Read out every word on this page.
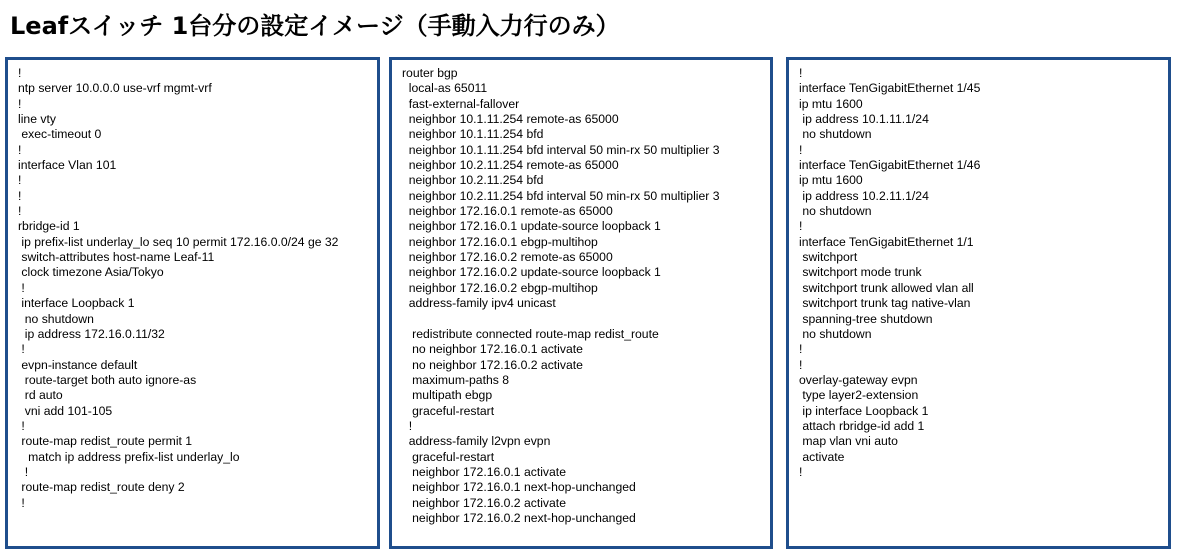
Leafスイッチ 1台分の設定イメージ（手動入力行のみ）
!
ntp server 10.0.0.0 use-vrf mgmt-vrf
!
line vty
exec-timeout 0
!
interface Vlan 101
!
!
!
rbridge-id 1
ip prefix-list underlay_lo seq 10 permit 172.16.0.0/24 ge 32
switch-attributes host-name Leaf-11
clock timezone Asia/Tokyo
!
interface Loopback 1
no shutdown
ip address 172.16.0.11/32
!
evpn-instance default
route-target both auto ignore-as
rd auto
vni add 101-105
!
route-map redist_route permit 1
match ip address prefix-list underlay_lo
!
route-map redist_route deny 2
!
router bgp
local-as 65011
fast-external-fallover
neighbor 10.1.11.254 remote-as 65000
neighbor 10.1.11.254 bfd
neighbor 10.1.11.254 bfd interval 50 min-rx 50 multiplier 3
neighbor 10.2.11.254 remote-as 65000
neighbor 10.2.11.254 bfd
neighbor 10.2.11.254 bfd interval 50 min-rx 50 multiplier 3
neighbor 172.16.0.1 remote-as 65000
neighbor 172.16.0.1 update-source loopback 1
neighbor 172.16.0.1 ebgp-multihop
neighbor 172.16.0.2 remote-as 65000
neighbor 172.16.0.2 update-source loopback 1
neighbor 172.16.0.2 ebgp-multihop
address-family ipv4 unicast
redistribute connected route-map redist_route
no neighbor 172.16.0.1 activate
no neighbor 172.16.0.2 activate
maximum-paths 8
multipath ebgp
graceful-restart
!
address-family l2vpn evpn
graceful-restart
neighbor 172.16.0.1 activate
neighbor 172.16.0.1 next-hop-unchanged
neighbor 172.16.0.2 activate
neighbor 172.16.0.2 next-hop-unchanged
!
interface TenGigabitEthernet 1/45
ip mtu 1600
ip address 10.1.11.1/24
no shutdown
!
interface TenGigabitEthernet 1/46
ip mtu 1600
ip address 10.2.11.1/24
no shutdown
!
interface TenGigabitEthernet 1/1
switchport
switchport mode trunk
switchport trunk allowed vlan all
switchport trunk tag native-vlan
spanning-tree shutdown
no shutdown
!
!
overlay-gateway evpn
type layer2-extension
ip interface Loopback 1
attach rbridge-id add 1
map vlan vni auto
activate
!
